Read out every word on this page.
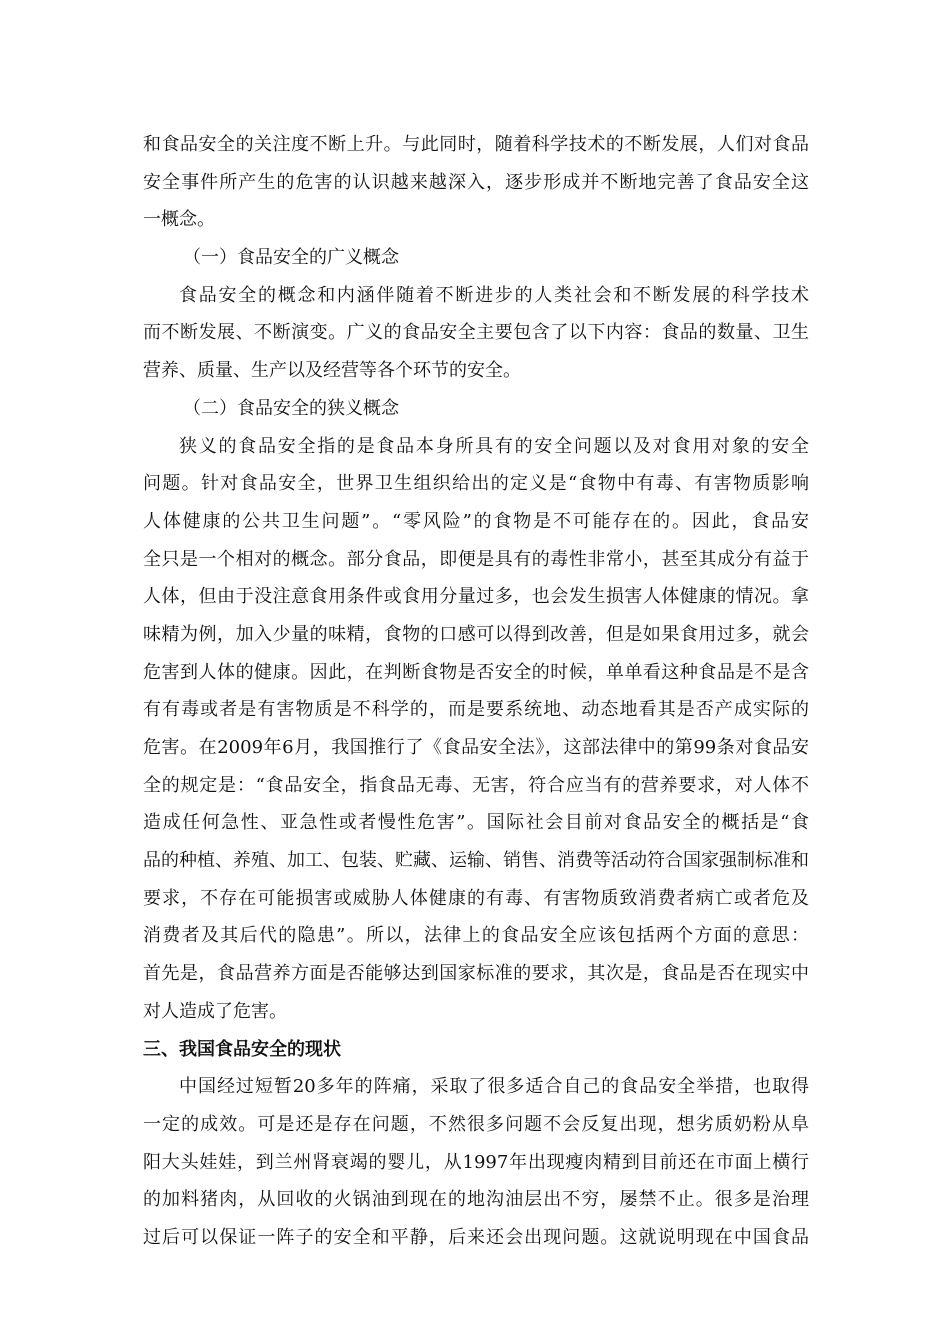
和食品安全的关注度不断上升。与此同时，随着科学技术的不断发展，人们对食品
安全事件所产生的危害的认识越来越深入，逐步形成并不断地完善了食品安全这
一概念。
（一）食品安全的广义概念
食品安全的概念和内涵伴随着不断进步的人类社会和不断发展的科学技术
而不断发展、不断演变。广义的食品安全主要包含了以下内容：食品的数量、卫生
营养、质量、生产以及经营等各个环节的安全。
（二）食品安全的狭义概念
狭义的食品安全指的是食品本身所具有的安全问题以及对食用对象的安全
问题。针对食品安全，世界卫生组织给出的定义是“食物中有毒、有害物质影响
人体健康的公共卫生问题”。“零风险”的食物是不可能存在的。因此，食品安
全只是一个相对的概念。部分食品，即便是具有的毒性非常小，甚至其成分有益于
人体，但由于没注意食用条件或食用分量过多，也会发生损害人体健康的情况。拿
味精为例，加入少量的味精，食物的口感可以得到改善，但是如果食用过多，就会
危害到人体的健康。因此，在判断食物是否安全的时候，单单看这种食品是不是含
有有毒或者是有害物质是不科学的，而是要系统地、动态地看其是否产成实际的
危害。在2009年6月，我国推行了《食品安全法》，这部法律中的第99条对食品安
全的规定是：“食品安全，指食品无毒、无害，符合应当有的营养要求，对人体不
造成任何急性、亚急性或者慢性危害”。国际社会目前对食品安全的概括是“食
品的种植、养殖、加工、包装、贮藏、运输、销售、消费等活动符合国家强制标准和
要求，不存在可能损害或威胁人体健康的有毒、有害物质致消费者病亡或者危及
消费者及其后代的隐患”。所以，法律上的食品安全应该包括两个方面的意思：
首先是，食品营养方面是否能够达到国家标准的要求，其次是，食品是否在现实中
对人造成了危害。
三、我国食品安全的现状
中国经过短暂20多年的阵痛，采取了很多适合自己的食品安全举措，也取得
一定的成效。可是还是存在问题，不然很多问题不会反复出现，想劣质奶粉从阜
阳大头娃娃，到兰州肾衰竭的婴儿，从1997年出现瘦肉精到目前还在市面上横行
的加料猪肉，从回收的火锅油到现在的地沟油层出不穷，屡禁不止。很多是治理
过后可以保证一阵子的安全和平静，后来还会出现问题。这就说明现在中国食品
